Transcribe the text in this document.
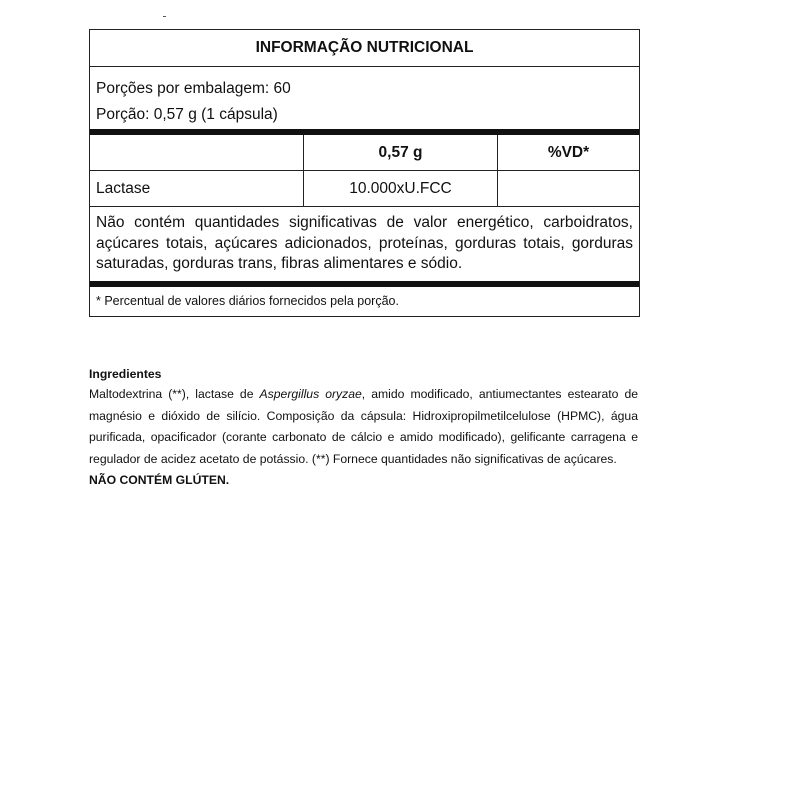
INFORMAÇÃO NUTRICIONAL
Porções por embalagem: 60
Porção: 0,57 g (1 cápsula)
0,57 g	%VD*
Lactase	10.000xU.FCC
Não contém quantidades significativas de valor energético, carboidratos, açúcares totais, açúcares adicionados, proteínas, gorduras totais, gorduras saturadas, gorduras trans, fibras alimentares e sódio.
* Percentual de valores diários fornecidos pela porção.
Ingredientes
Maltodextrina (**), lactase de Aspergillus oryzae, amido modificado, antiumectantes estearato de magnésio e dióxido de silício. Composição da cápsula: Hidroxipropilmetilcelulose (HPMC), água purificada, opacificador (corante carbonato de cálcio e amido modificado), gelificante carragena e regulador de acidez acetato de potássio. (**) Fornece quantidades não significativas de açúcares.
NÃO CONTÉM GLÚTEN.
